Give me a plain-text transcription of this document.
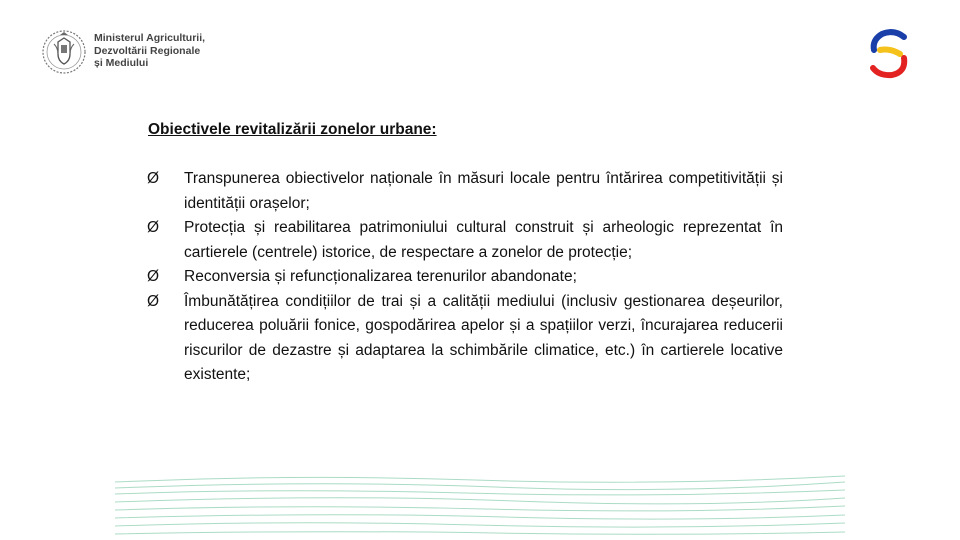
Ministerul Agriculturii,
Dezvoltării Regionale
și Mediului
Obiectivele revitalizării zonelor urbane:
Ø	Transpunerea obiectivelor naționale în măsuri locale pentru întărirea competitivității și identității orașelor;
Ø	Protecția și reabilitarea patrimoniului cultural construit și arheologic reprezentat în cartierele (centrele) istorice, de respectare a zonelor de protecție;
Ø	Reconversia și refuncționalizarea terenurilor abandonate;
Ø	Îmbunătățirea condițiilor de trai și a calității mediului (inclusiv gestionarea deșeurilor, reducerea poluării fonice, gospodărirea apelor și a spațiilor verzi, încurajarea reducerii riscurilor de dezastre și adaptarea la schimbările climatice, etc.) în cartierele locative existente;
